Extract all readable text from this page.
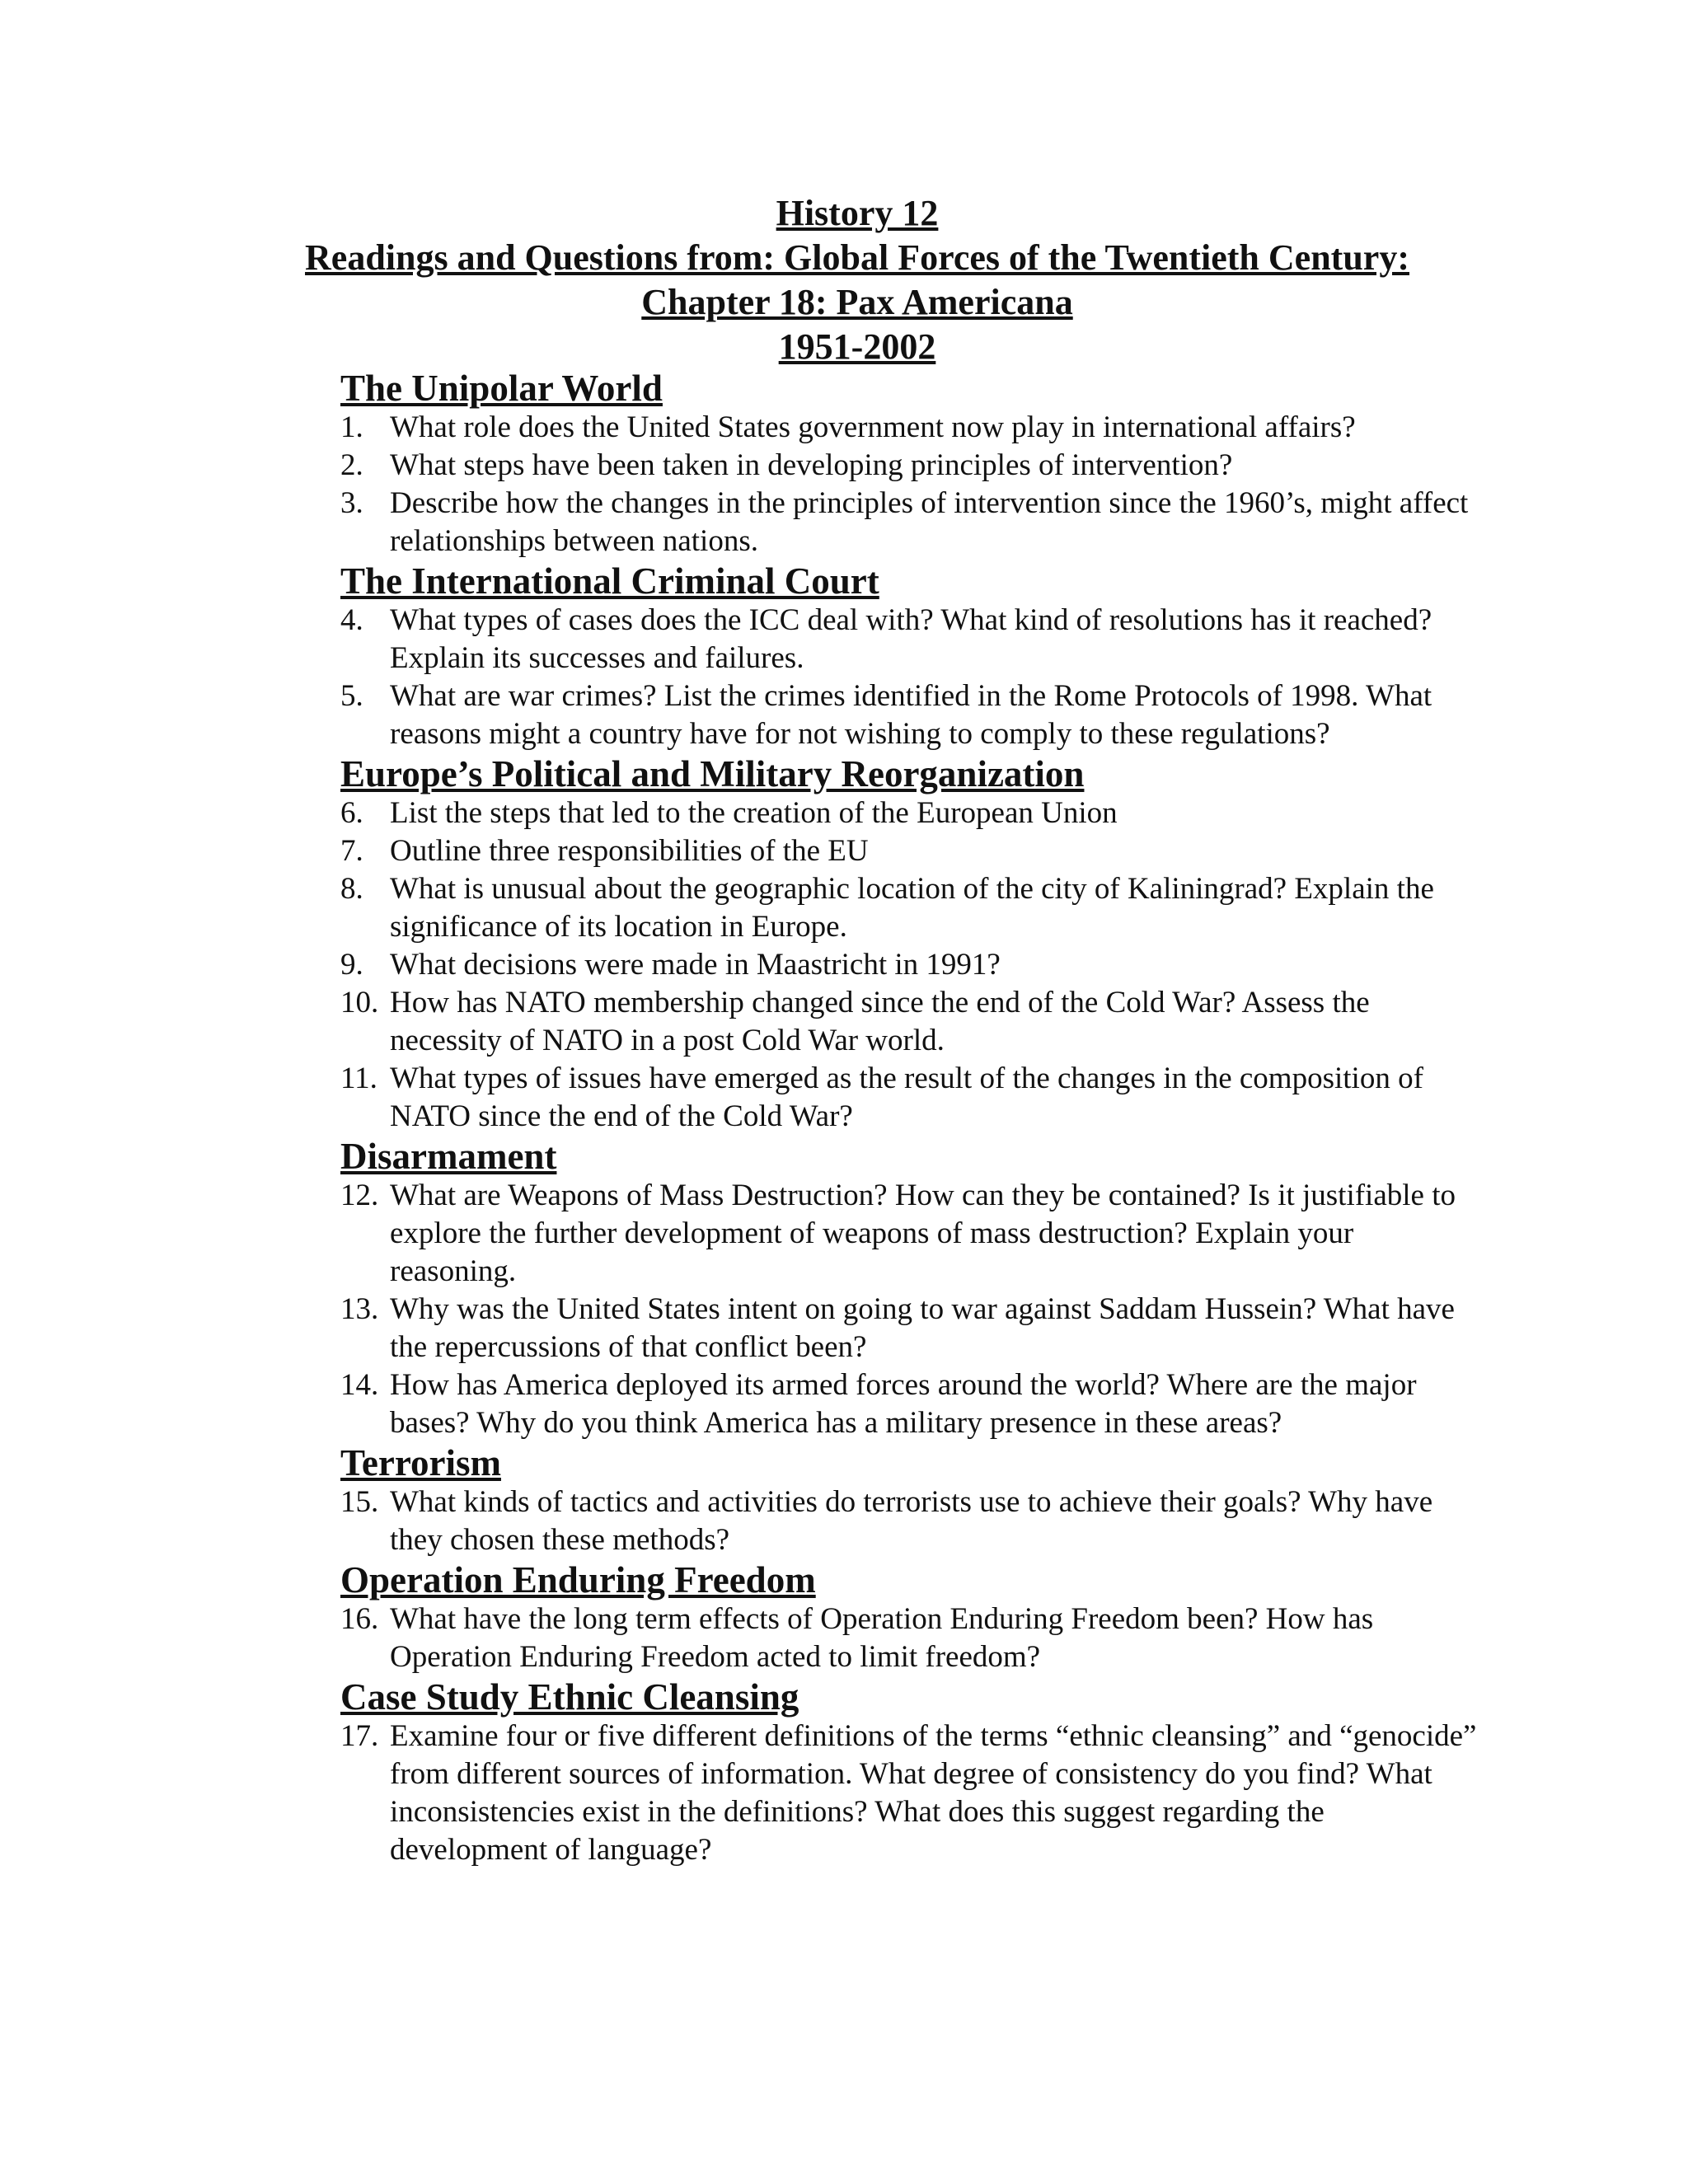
History 12
Readings and Questions from: Global Forces of the Twentieth Century:
Chapter 18: Pax Americana
1951-2002
The Unipolar World
1. What role does the United States government now play in international affairs?
2. What steps have been taken in developing principles of intervention?
3. Describe how the changes in the principles of intervention since the 1960’s, might affect relationships between nations.
The International Criminal Court
4. What types of cases does the ICC deal with? What kind of resolutions has it reached? Explain its successes and failures.
5. What are war crimes? List the crimes identified in the Rome Protocols of 1998. What reasons might a country have for not wishing to comply to these regulations?
Europe’s Political and Military Reorganization
6. List the steps that led to the creation of the European Union
7. Outline three responsibilities of the EU
8. What is unusual about the geographic location of the city of Kaliningrad? Explain the significance of its location in Europe.
9. What decisions were made in Maastricht in 1991?
10. How has NATO membership changed since the end of the Cold War? Assess the necessity of NATO in a post Cold War world.
11. What types of issues have emerged as the result of the changes in the composition of NATO since the end of the Cold War?
Disarmament
12. What are Weapons of Mass Destruction? How can they be contained? Is it justifiable to explore the further development of weapons of mass destruction? Explain your reasoning.
13. Why was the United States intent on going to war against Saddam Hussein? What have the repercussions of that conflict been?
14. How has America deployed its armed forces around the world? Where are the major bases? Why do you think America has a military presence in these areas?
Terrorism
15. What kinds of tactics and activities do terrorists use to achieve their goals? Why have they chosen these methods?
Operation Enduring Freedom
16. What have the long term effects of Operation Enduring Freedom been? How has Operation Enduring Freedom acted to limit freedom?
Case Study Ethnic Cleansing
17. Examine four or five different definitions of the terms “ethnic cleansing” and “genocide” from different sources of information. What degree of consistency do you find? What inconsistencies exist in the definitions? What does this suggest regarding the development of language?
